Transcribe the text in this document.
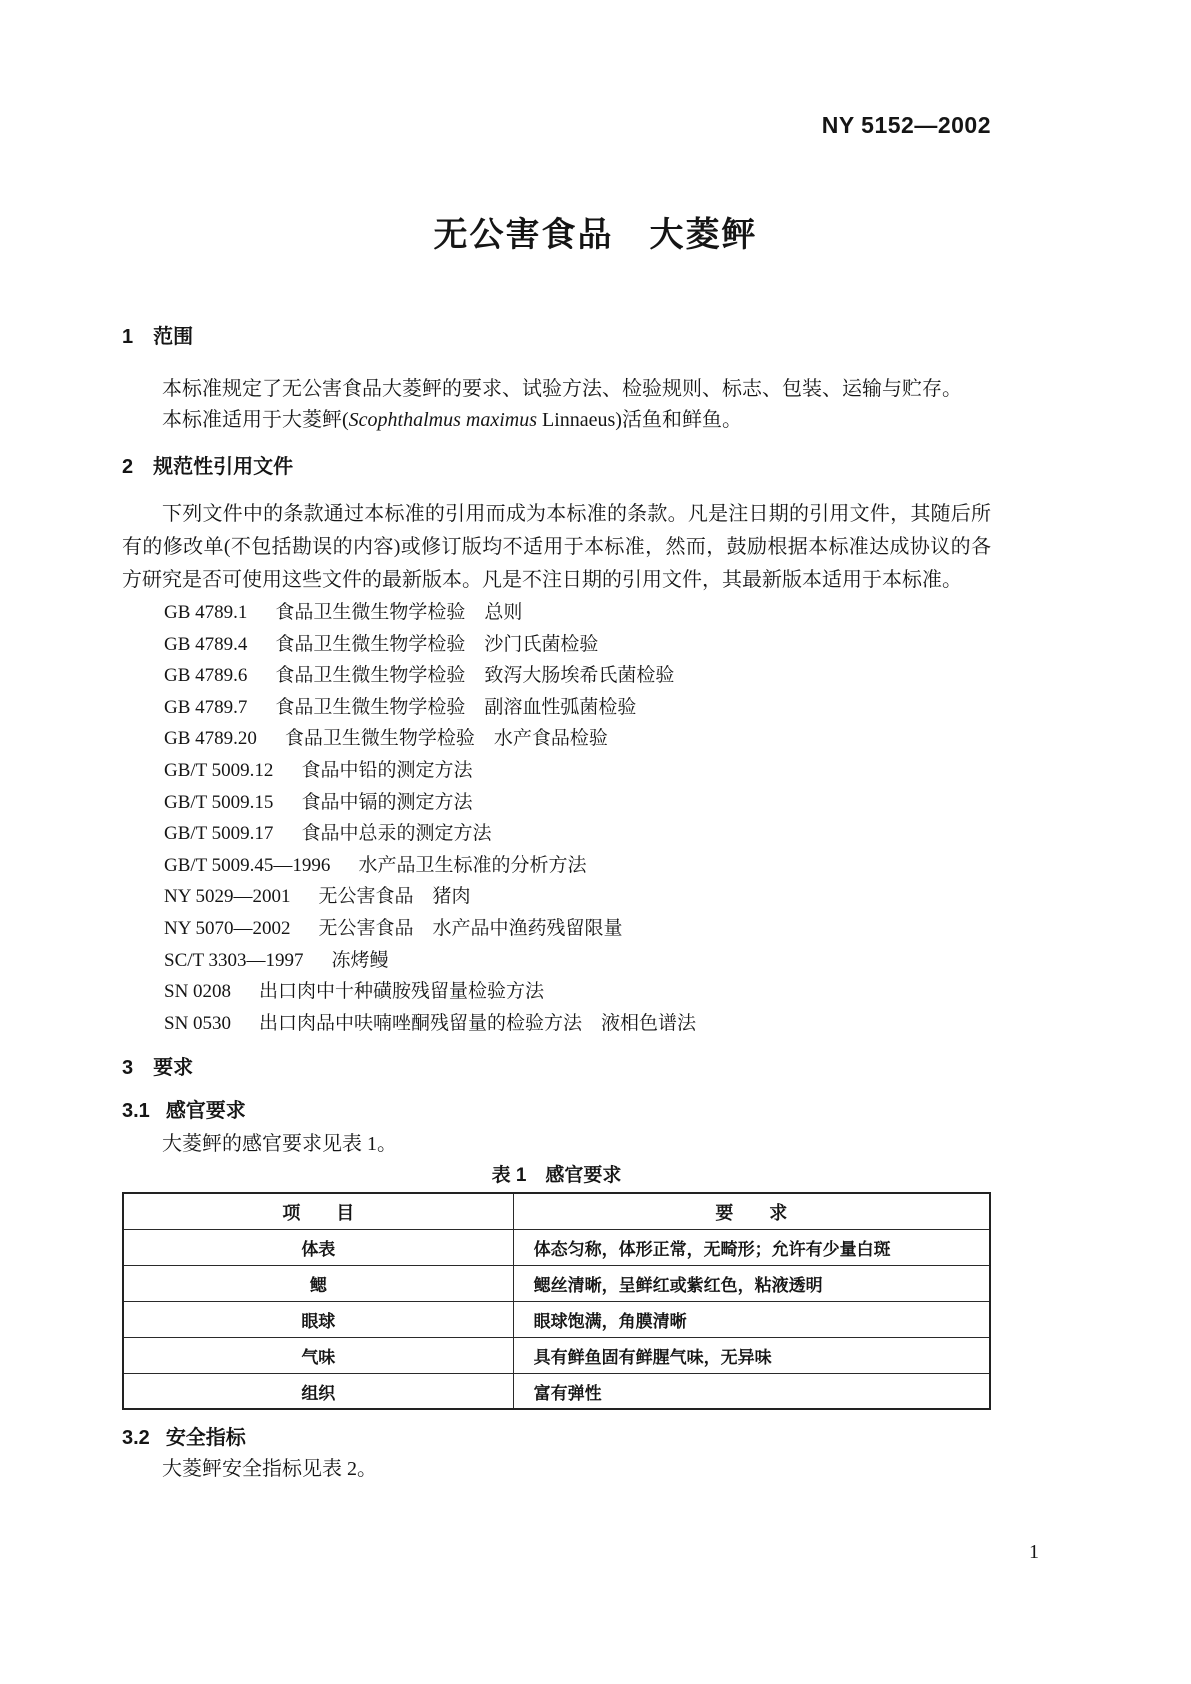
NY 5152—2002
无公害食品　大菱鲆
1 范围
本标准规定了无公害食品大菱鲆的要求、试验方法、检验规则、标志、包装、运输与贮存。
本标准适用于大菱鲆(Scophthalmus maximus Linnaeus)活鱼和鲜鱼。
2 规范性引用文件
下列文件中的条款通过本标准的引用而成为本标准的条款。凡是注日期的引用文件，其随后所有的修改单(不包括勘误的内容)或修订版均不适用于本标准，然而，鼓励根据本标准达成协议的各方研究是否可使用这些文件的最新版本。凡是不注日期的引用文件，其最新版本适用于本标准。
GB 4789.1 食品卫生微生物学检验　总则
GB 4789.4 食品卫生微生物学检验　沙门氏菌检验
GB 4789.6 食品卫生微生物学检验　致泻大肠埃希氏菌检验
GB 4789.7 食品卫生微生物学检验　副溶血性弧菌检验
GB 4789.20 食品卫生微生物学检验　水产食品检验
GB/T 5009.12 食品中铅的测定方法
GB/T 5009.15 食品中镉的测定方法
GB/T 5009.17 食品中总汞的测定方法
GB/T 5009.45—1996 水产品卫生标准的分析方法
NY 5029—2001 无公害食品　猪肉
NY 5070—2002 无公害食品　水产品中渔药残留限量
SC/T 3303—1997 冻烤鳗
SN 0208 出口肉中十种磺胺残留量检验方法
SN 0530 出口肉品中呋喃唑酮残留量的检验方法　液相色谱法
3 要求
3.1 感官要求
大菱鲆的感官要求见表 1。
表 1　感官要求
项　　目	要　　求
体表	体态匀称，体形正常，无畸形；允许有少量白斑
鳃	鳃丝清晰，呈鲜红或紫红色，粘液透明
眼球	眼球饱满，角膜清晰
气味	具有鲜鱼固有鲜腥气味，无异味
组织	富有弹性
3.2 安全指标
大菱鲆安全指标见表 2。
1
